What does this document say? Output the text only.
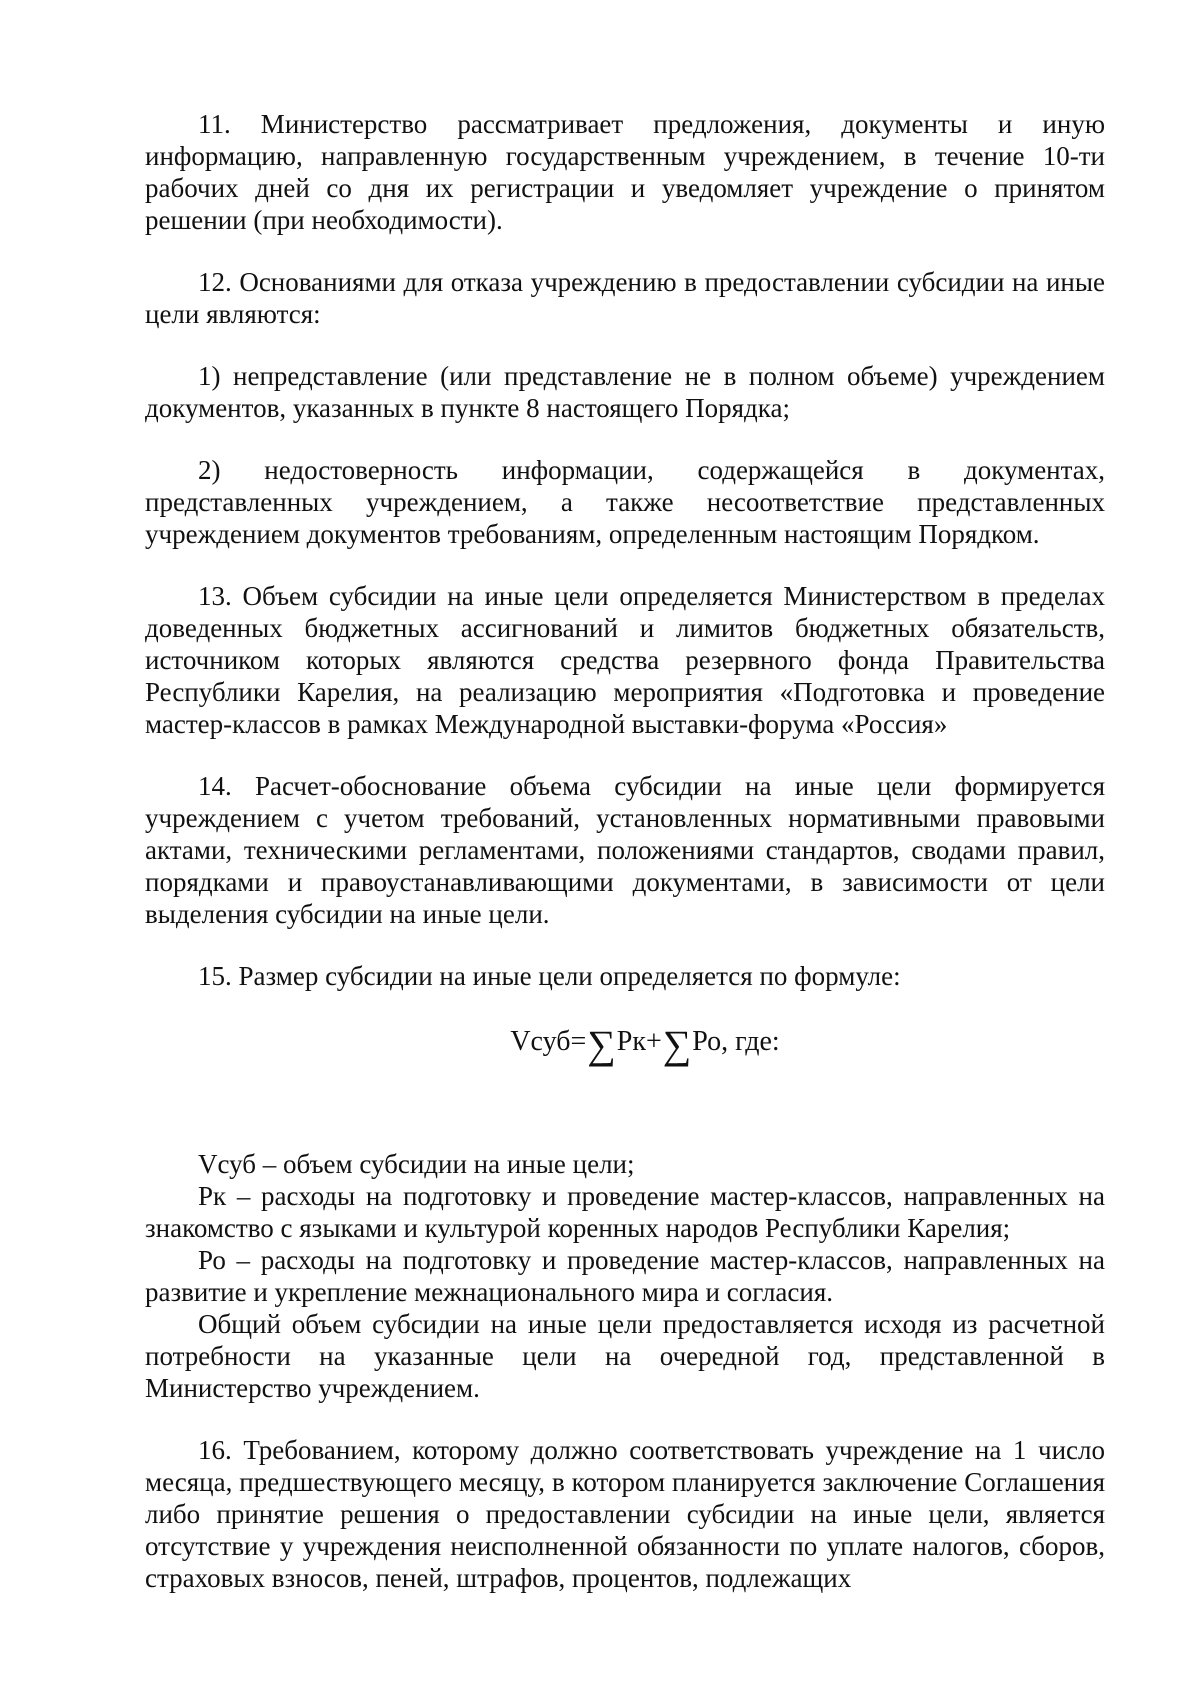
11. Министерство рассматривает предложения, документы и иную информацию, направленную государственным учреждением, в течение 10-ти рабочих дней со дня их регистрации и уведомляет учреждение о принятом решении (при необходимости).

12. Основаниями для отказа учреждению в предоставлении субсидии на иные цели являются:

1) непредставление (или представление не в полном объеме) учреждением документов, указанных в пункте 8 настоящего Порядка;

2) недостоверность информации, содержащейся в документах, представленных учреждением, а также несоответствие представленных учреждением документов требованиям, определенным настоящим Порядком.

13. Объем субсидии на иные цели определяется Министерством в пределах доведенных бюджетных ассигнований и лимитов бюджетных обязательств, источником которых являются средства резервного фонда Правительства Республики Карелия, на реализацию мероприятия «Подготовка и проведение мастер-классов в рамках Международной выставки-форума «Россия»

14. Расчет-обоснование объема субсидии на иные цели формируется учреждением с учетом требований, установленных нормативными правовыми актами, техническими регламентами, положениями стандартов, сводами правил, порядками и правоустанавливающими документами, в зависимости от цели выделения субсидии на иные цели.

15. Размер субсидии на иные цели определяется по формуле:

Vсуб=∑Рк+∑Ро, где:

Vсуб – объем субсидии на иные цели;

Рк – расходы на подготовку и проведение мастер-классов, направленных на знакомство с языками и культурой коренных народов Республики Карелия;

Ро – расходы на подготовку и проведение мастер-классов, направленных на развитие и укрепление межнационального мира и согласия.

Общий объем субсидии на иные цели предоставляется исходя из расчетной потребности на указанные цели на очередной год, представленной в Министерство учреждением.

16. Требованием, которому должно соответствовать учреждение на 1 число месяца, предшествующего месяцу, в котором планируется заключение Соглашения либо принятие решения о предоставлении субсидии на иные цели, является отсутствие у учреждения неисполненной обязанности по уплате налогов, сборов, страховых взносов, пеней, штрафов, процентов, подлежащих
